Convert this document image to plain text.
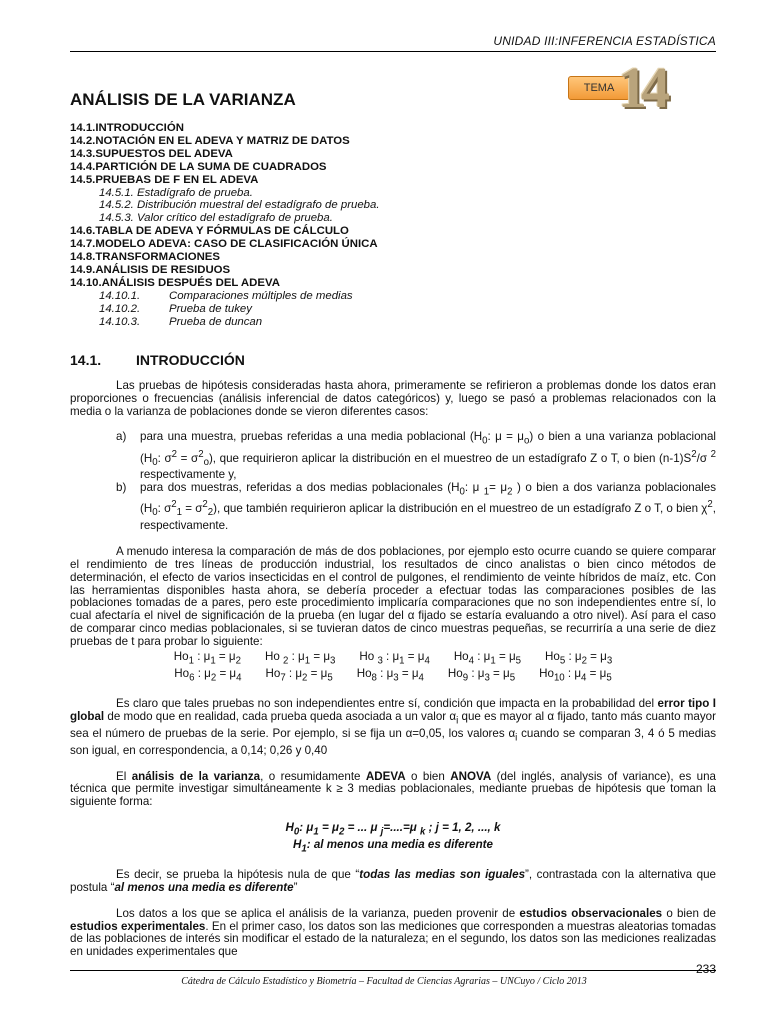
UNIDAD III:INFERENCIA ESTADÍSTICA
TEMA 14
ANÁLISIS DE LA VARIANZA
14.1.INTRODUCCIÓN
14.2.NOTACIÓN EN EL ADEVA Y MATRIZ DE DATOS
14.3.SUPUESTOS DEL ADEVA
14.4.PARTICIÓN DE LA SUMA DE CUADRADOS
14.5.PRUEBAS DE F EN EL ADEVA
14.5.1. Estadígrafo de prueba.
14.5.2. Distribución muestral del estadígrafo de prueba.
14.5.3. Valor crítico del estadígrafo de prueba.
14.6.TABLA DE ADEVA Y FÓRMULAS DE CÁLCULO
14.7.MODELO ADEVA: CASO DE CLASIFICACIÓN ÚNICA
14.8.TRANSFORMACIONES
14.9.ANÁLISIS DE RESIDUOS
14.10.ANÁLISIS DESPUÉS DEL ADEVA
14.10.1.	Comparaciones múltiples de medias
14.10.2.	Prueba de tukey
14.10.3.	Prueba de duncan
14.1. INTRODUCCIÓN

Las pruebas de hipótesis consideradas hasta ahora, primeramente se refirieron a problemas donde los datos eran proporciones o frecuencias (análisis inferencial de datos categóricos) y, luego se pasó a problemas relacionados con la media o la varianza de poblaciones donde se vieron diferentes casos:

a)	para una muestra, pruebas referidas a una media poblacional ($H_0$: $\mu = \mu_o$) o bien a una varianza poblacional ($H_0$: $\sigma^2 = \sigma^2_o$), que requirieron aplicar la distribución en el muestreo de un estadígrafo Z o T, o bien $(n-1)S^2/\sigma$ $^2$ respectivamente y,
b)	para dos muestras, referidas a dos medias poblacionales ($H_0$: μ $_1= \mu_2$ ) o bien a dos varianza poblacionales ($H_0$: $\sigma^2_1 = \sigma^2_2$), que también requirieron aplicar la distribución en el muestreo de un estadígrafo Z o T, o bien $\chi^2$, respectivamente.

A menudo interesa la comparación de más de dos poblaciones, por ejemplo esto ocurre cuando se quiere comparar el rendimiento de tres líneas de producción industrial, los resultados de cinco analistas o bien cinco métodos de determinación, el efecto de varios insecticidas en el control de pulgones, el rendimiento de veinte híbridos de maíz, etc. Con las herramientas disponibles hasta ahora, se debería proceder a efectuar todas las comparaciones posibles de las poblaciones tomadas de a pares, pero este procedimiento implicaría comparaciones que no son independientes entre sí, lo cual afectaría el nivel de significación de la prueba (en lugar del α fijado se estaría evaluando a otro nivel). Así para el caso de comparar cinco medias poblacionales, si se tuvieran datos de cinco muestras pequeñas, se recurriría a una serie de diez pruebas de t para probar lo siguiente:

$Ho_1$ : $\mu_1 = \mu_2$ Ho $_2$ : $\mu_1 = \mu_3$ Ho $_3$ : $\mu_1 = \mu_4$ $Ho_4$ : $\mu_1 = \mu_5$ $Ho_5$ : $\mu_2 = \mu_3$
$Ho_6$ : $\mu_2 = \mu_4$ $Ho_7$ : $\mu_2 = \mu_5$ $Ho_8$ : $\mu_3 = \mu_4$ $Ho_9$ : $\mu_3 = \mu_5$ $Ho_{10}$ : $\mu_4 = \mu_5$

Es claro que tales pruebas no son independientes entre sí, condición que impacta en la probabilidad del error tipo I global de modo que en realidad, cada prueba queda asociada a un valor $\alpha_i$ que es mayor al α fijado, tanto más cuanto mayor sea el número de pruebas de la serie. Por ejemplo, si se fija un α=0,05, los valores $\alpha_i$ cuando se comparan 3, 4 ó 5 medias son igual, en correspondencia, a 0,14; 0,26 y 0,40

El análisis de la varianza, o resumidamente ADEVA o bien ANOVA (del inglés, analysis of variance), es una técnica que permite investigar simultáneamente k ≥ 3 medias poblacionales, mediante pruebas de hipótesis que toman la siguiente forma:

$H_0$: $\mu_1 = \mu_2$ = ... μ $_j$=....=μ $_k$ ; j = 1, 2, ..., k
$H_1$: al menos una media es diferente

Es decir, se prueba la hipótesis nula de que “todas las medias son iguales”, contrastada con la alternativa que postula “al menos una media es diferente”

Los datos a los que se aplica el análisis de la varianza, pueden provenir de estudios observacionales o bien de estudios experimentales. En el primer caso, los datos son las mediciones que corresponden a muestras aleatorias tomadas de las poblaciones de interés sin modificar el estado de la naturaleza; en el segundo, los datos son las mediciones realizadas en unidades experimentales que

233
Cátedra de Cálculo Estadístico y Biometría – Facultad de Ciencias Agrarias – UNCuyo / Ciclo 2013
